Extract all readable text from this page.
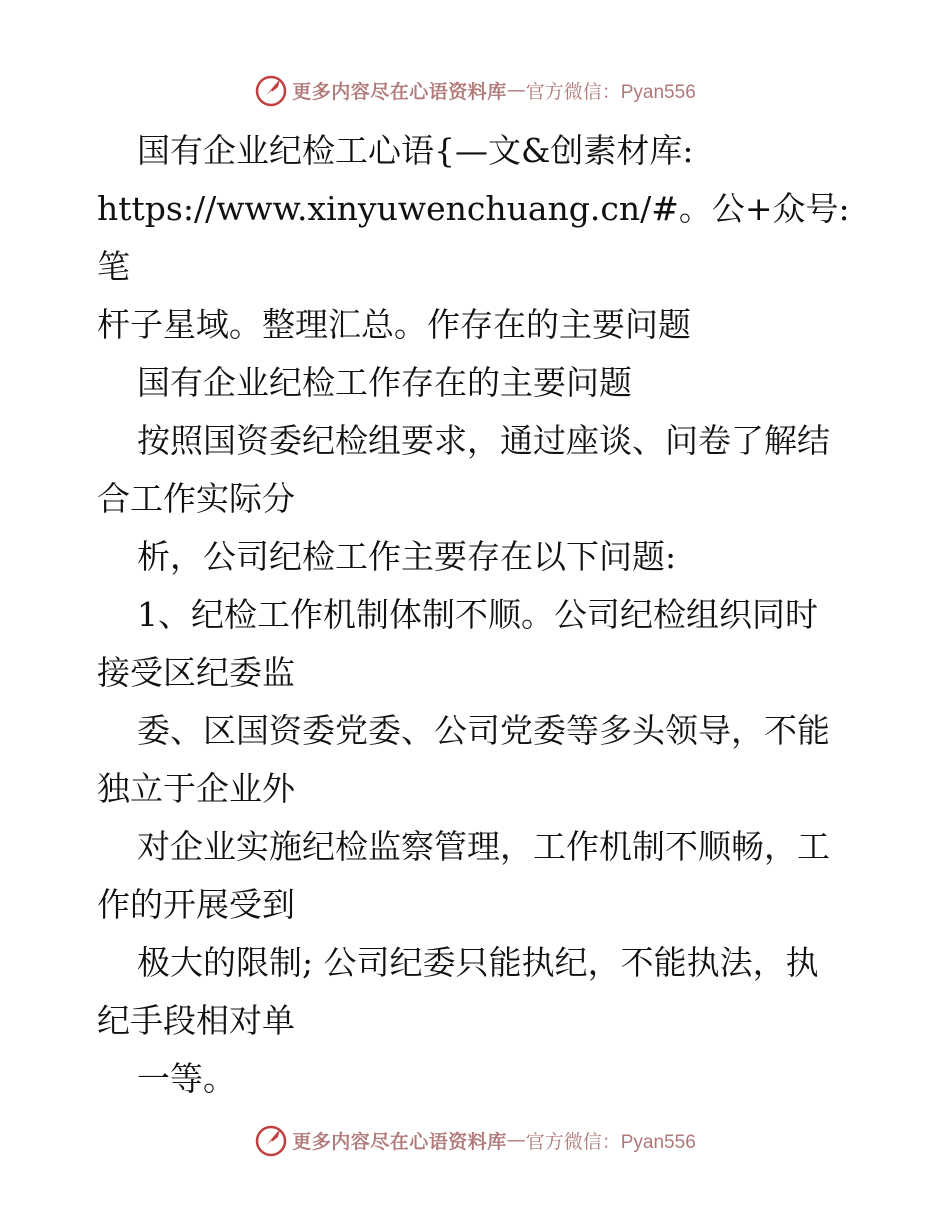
更多内容尽在心语资料库 — 官方微信：Pyan556

国有企业纪检工心语{—文&创素材库:
https://www.xinyuwenchuang.cn/#。公+众号: 笔
杆子星域。整理汇总。作存在的主要问题

国有企业纪检工作存在的主要问题

按照国资委纪检组要求，通过座谈、问卷了解结
合工作实际分

析，公司纪检工作主要存在以下问题:

1、纪检工作机制体制不顺。公司纪检组织同时
接受区纪委监

委、区国资委党委、公司党委等多头领导，不能
独立于企业外

对企业实施纪检监察管理，工作机制不顺畅，工
作的开展受到

极大的限制; 公司纪委只能执纪，不能执法，执
纪手段相对单

一等。

更多内容尽在心语资料库 — 官方微信：Pyan556
